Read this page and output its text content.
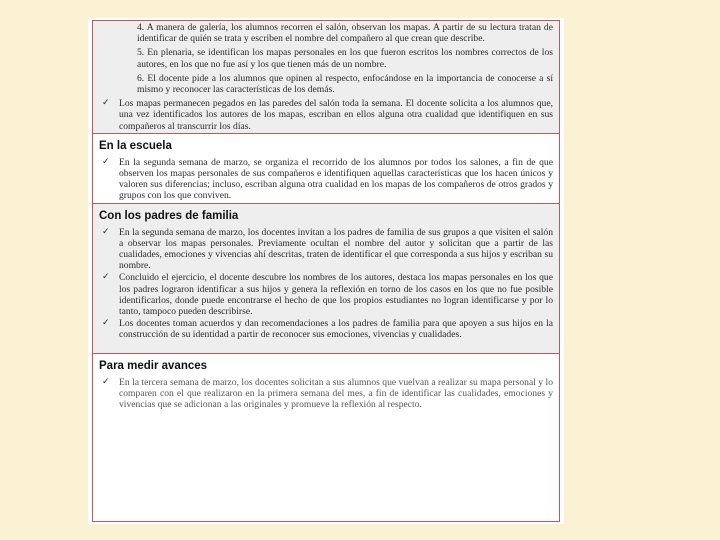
4. A manera de galería, los alumnos recorren el salón, observan los mapas. A partir de su lectura tratan de identificar de quién se trata y escriben el nombre del compañero al que crean que describe.

5. En plenaria, se identifican los mapas personales en los que fueron escritos los nombres correctos de los autores, en los que no fue así y los que tienen más de un nombre.

6. El docente pide a los alumnos que opinen al respecto, enfocándose en la importancia de conocerse a sí mismo y reconocer las características de los demás.

✓ Los mapas permanecen pegados en las paredes del salón toda la semana. El docente solicita a los alumnos que, una vez identificados los autores de los mapas, escriban en ellos alguna otra cualidad que identifiquen en sus compañeros al transcurrir los días.
En la escuela
✓ En la segunda semana de marzo, se organiza el recorrido de los alumnos por todos los salones, a fin de que observen los mapas personales de sus compañeros e identifiquen aquellas características que los hacen únicos y valoren sus diferencias; incluso, escriban alguna otra cualidad en los mapas de los compañeros de otros grados y grupos con los que conviven.
Con los padres de familia
✓ En la segunda semana de marzo, los docentes invitan a los padres de familia de sus grupos a que visiten el salón a observar los mapas personales. Previamente ocultan el nombre del autor y solicitan que a partir de las cualidades, emociones y vivencias ahí descritas, traten de identificar el que corresponda a sus hijos y escriban su nombre.
✓ Concluido el ejercicio, el docente descubre los nombres de los autores, destaca los mapas personales en los que los padres lograron identificar a sus hijos y genera la reflexión en torno de los casos en los que no fue posible identificarlos, donde puede encontrarse el hecho de que los propios estudiantes no logran identificarse y por lo tanto, tampoco pueden describirse.
✓ Los docentes toman acuerdos y dan recomendaciones a los padres de familia para que apoyen a sus hijos en la construcción de su identidad a partir de reconocer sus emociones, vivencias y cualidades.
Para medir avances
✓ En la tercera semana de marzo, los docentes solicitan a sus alumnos que vuelvan a realizar su mapa personal y lo comparen con el que realizaron en la primera semana del mes, a fin de identificar las cualidades, emociones y vivencias que se adicionan a las originales y promueve la reflexión al respecto.
